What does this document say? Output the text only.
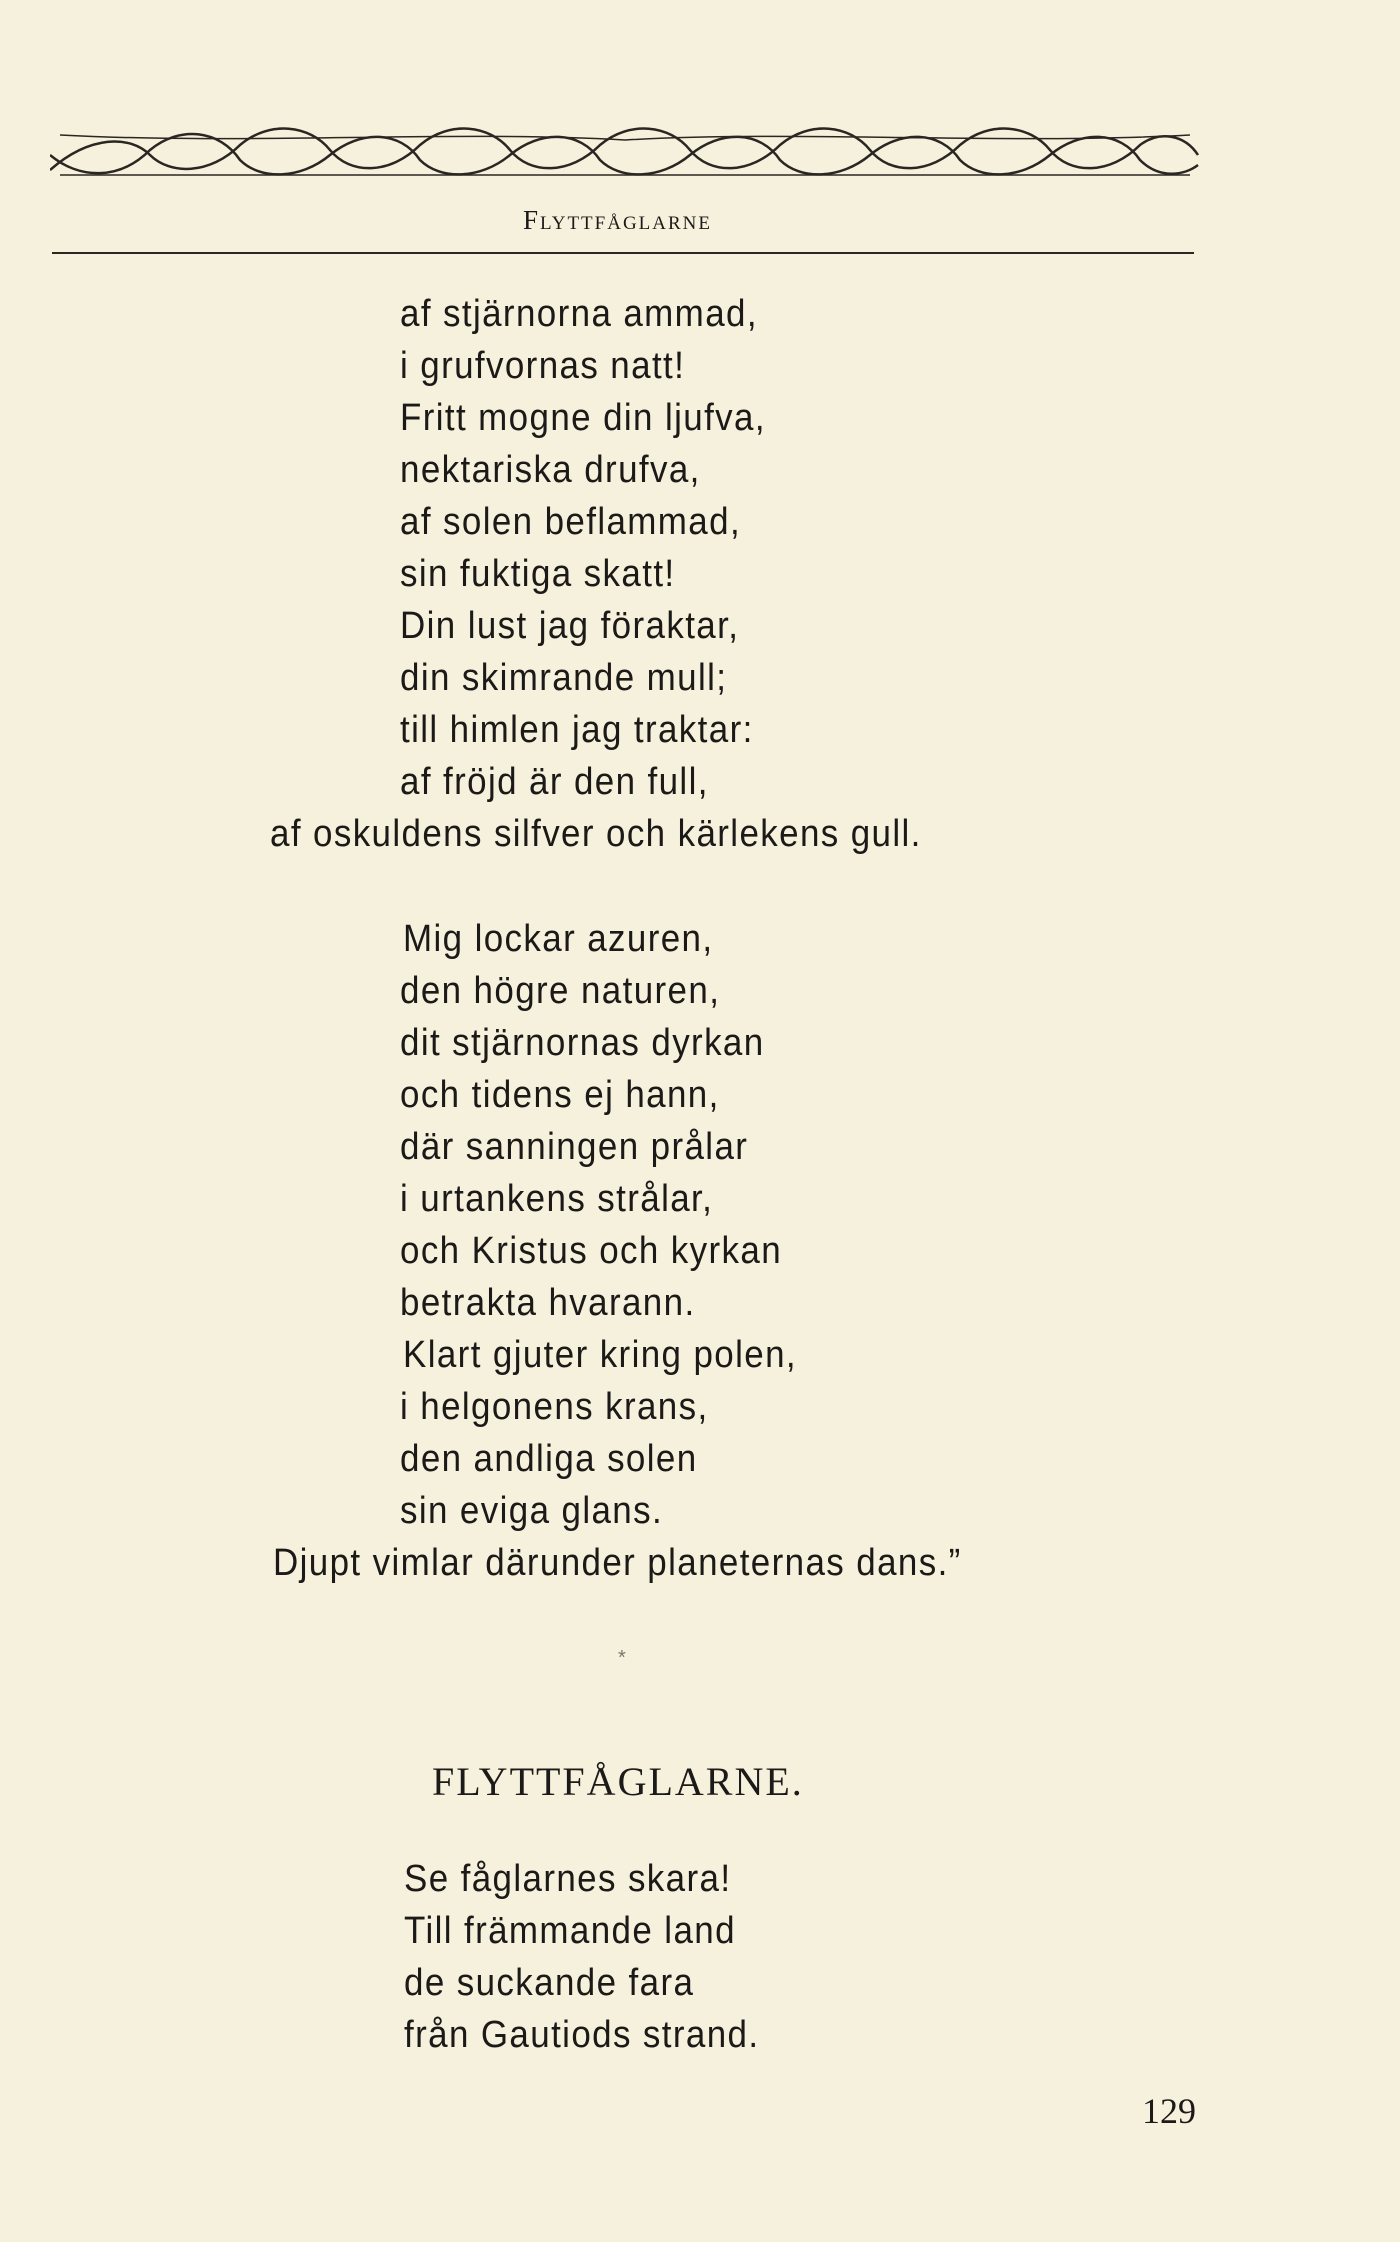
Flyttfåglarne
af stjärnorna ammad,
i grufvornas natt!
Fritt mogne din ljufva,
nektariska drufva,
af solen beflammad,
sin fuktiga skatt!
Din lust jag föraktar,
din skimrande mull;
till himlen jag traktar:
af fröjd är den full,
af oskuldens silfver och kärlekens gull.
Mig lockar azuren,
den högre naturen,
dit stjärnornas dyrkan
och tidens ej hann,
där sanningen prålar
i urtankens strålar,
och Kristus och kyrkan
betrakta hvarann.
Klart gjuter kring polen,
i helgonens krans,
den andliga solen
sin eviga glans.
Djupt vimlar därunder planeternas dans.”
*
FLYTTFÅGLARNE.
Se fåglarnes skara!
Till främmande land
de suckande fara
från Gautiods strand.
129
